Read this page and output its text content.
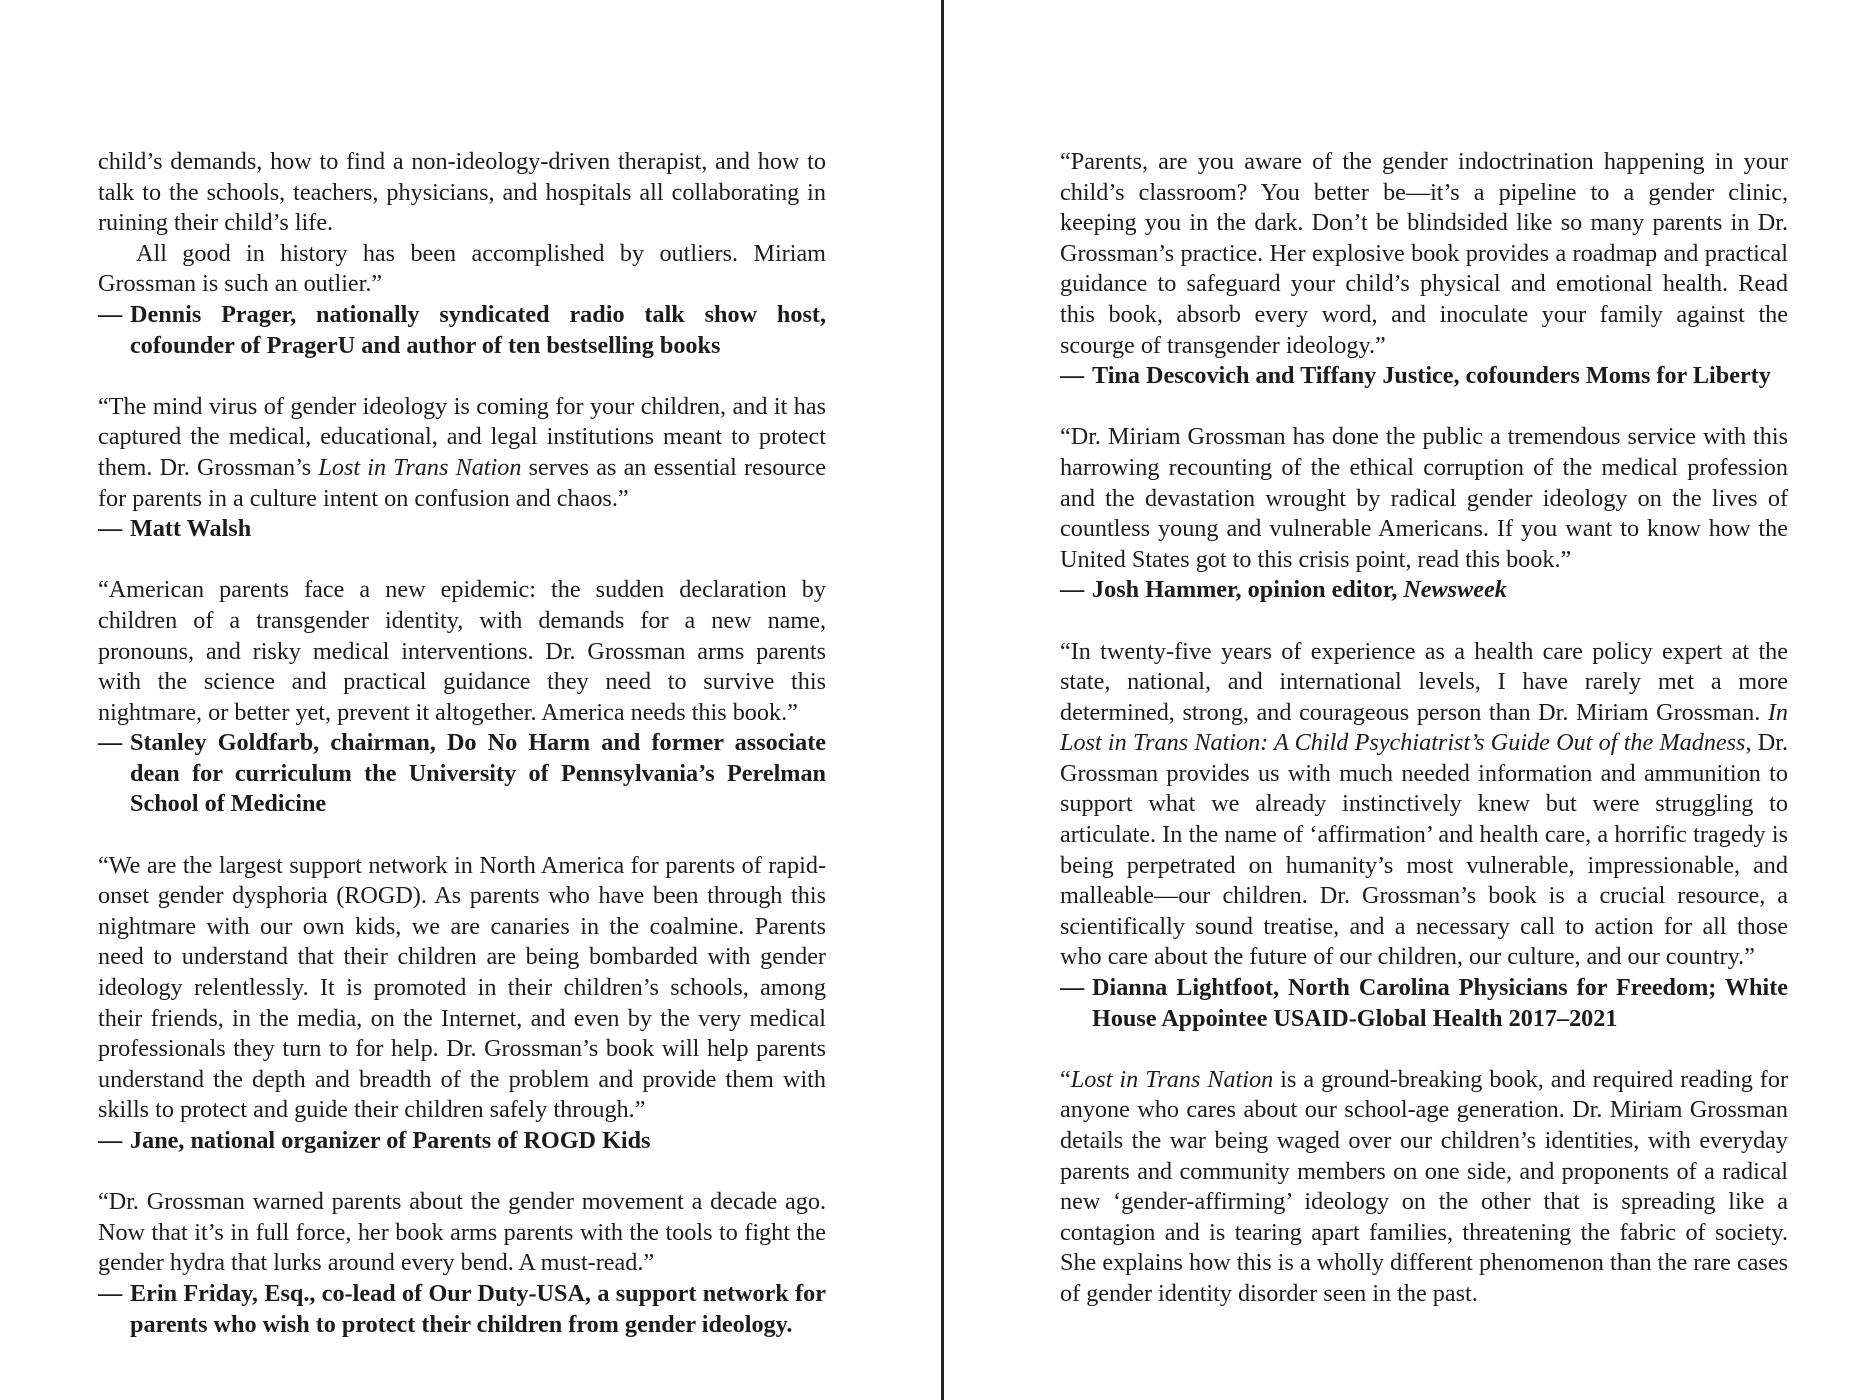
child’s demands, how to find a non-ideology-driven therapist, and how to talk to the schools, teachers, physicians, and hospitals all collaborating in ruining their child’s life.

All good in history has been accomplished by outliers. Miriam Grossman is such an outlier.”

— Dennis Prager, nationally syndicated radio talk show host, cofounder of PragerU and author of ten bestselling books

“The mind virus of gender ideology is coming for your children, and it has captured the medical, educational, and legal institutions meant to protect them. Dr. Grossman’s Lost in Trans Nation serves as an essential resource for parents in a culture intent on confusion and chaos.”

— Matt Walsh

“American parents face a new epidemic: the sudden declaration by children of a transgender identity, with demands for a new name, pronouns, and risky medical interventions. Dr. Grossman arms parents with the science and practical guidance they need to survive this nightmare, or better yet, prevent it altogether. America needs this book.”

— Stanley Goldfarb, chairman, Do No Harm and former associate dean for curriculum the University of Pennsylvania’s Perelman School of Medicine

“We are the largest support network in North America for parents of rapid-onset gender dysphoria (ROGD). As parents who have been through this nightmare with our own kids, we are canaries in the coalmine. Parents need to understand that their children are being bombarded with gender ideology relentlessly. It is promoted in their children’s schools, among their friends, in the media, on the Internet, and even by the very medical professionals they turn to for help. Dr. Grossman’s book will help parents understand the depth and breadth of the problem and provide them with skills to protect and guide their children safely through.”

— Jane, national organizer of Parents of ROGD Kids

“Dr. Grossman warned parents about the gender movement a decade ago. Now that it’s in full force, her book arms parents with the tools to fight the gender hydra that lurks around every bend. A must-read.”

— Erin Friday, Esq., co-lead of Our Duty-USA, a support network for parents who wish to protect their children from gender ideology.

“Parents, are you aware of the gender indoctrination happening in your child’s classroom? You better be—it’s a pipeline to a gender clinic, keeping you in the dark. Don’t be blindsided like so many parents in Dr. Grossman’s practice. Her explosive book provides a roadmap and practical guidance to safeguard your child’s physical and emotional health. Read this book, absorb every word, and inoculate your family against the scourge of transgender ideology.”

— Tina Descovich and Tiffany Justice, cofounders Moms for Liberty

“Dr. Miriam Grossman has done the public a tremendous service with this harrowing recounting of the ethical corruption of the medical profession and the devastation wrought by radical gender ideology on the lives of countless young and vulnerable Americans. If you want to know how the United States got to this crisis point, read this book.”

— Josh Hammer, opinion editor, Newsweek

“In twenty-five years of experience as a health care policy expert at the state, national, and international levels, I have rarely met a more determined, strong, and courageous person than Dr. Miriam Grossman. In Lost in Trans Nation: A Child Psychiatrist’s Guide Out of the Madness, Dr. Grossman provides us with much needed information and ammunition to support what we already instinctively knew but were struggling to articulate. In the name of ‘affirmation’ and health care, a horrific tragedy is being perpetrated on humanity’s most vulnerable, impressionable, and malleable—our children. Dr. Grossman’s book is a crucial resource, a scientifically sound treatise, and a necessary call to action for all those who care about the future of our children, our culture, and our country.”

— Dianna Lightfoot, North Carolina Physicians for Freedom; White House Appointee USAID-Global Health 2017–2021

“Lost in Trans Nation is a ground-breaking book, and required reading for anyone who cares about our school-age generation. Dr. Miriam Grossman details the war being waged over our children’s identities, with everyday parents and community members on one side, and proponents of a radical new ‘gender-affirming’ ideology on the other that is spreading like a contagion and is tearing apart families, threatening the fabric of society. She explains how this is a wholly different phenomenon than the rare cases of gender identity disorder seen in the past.
